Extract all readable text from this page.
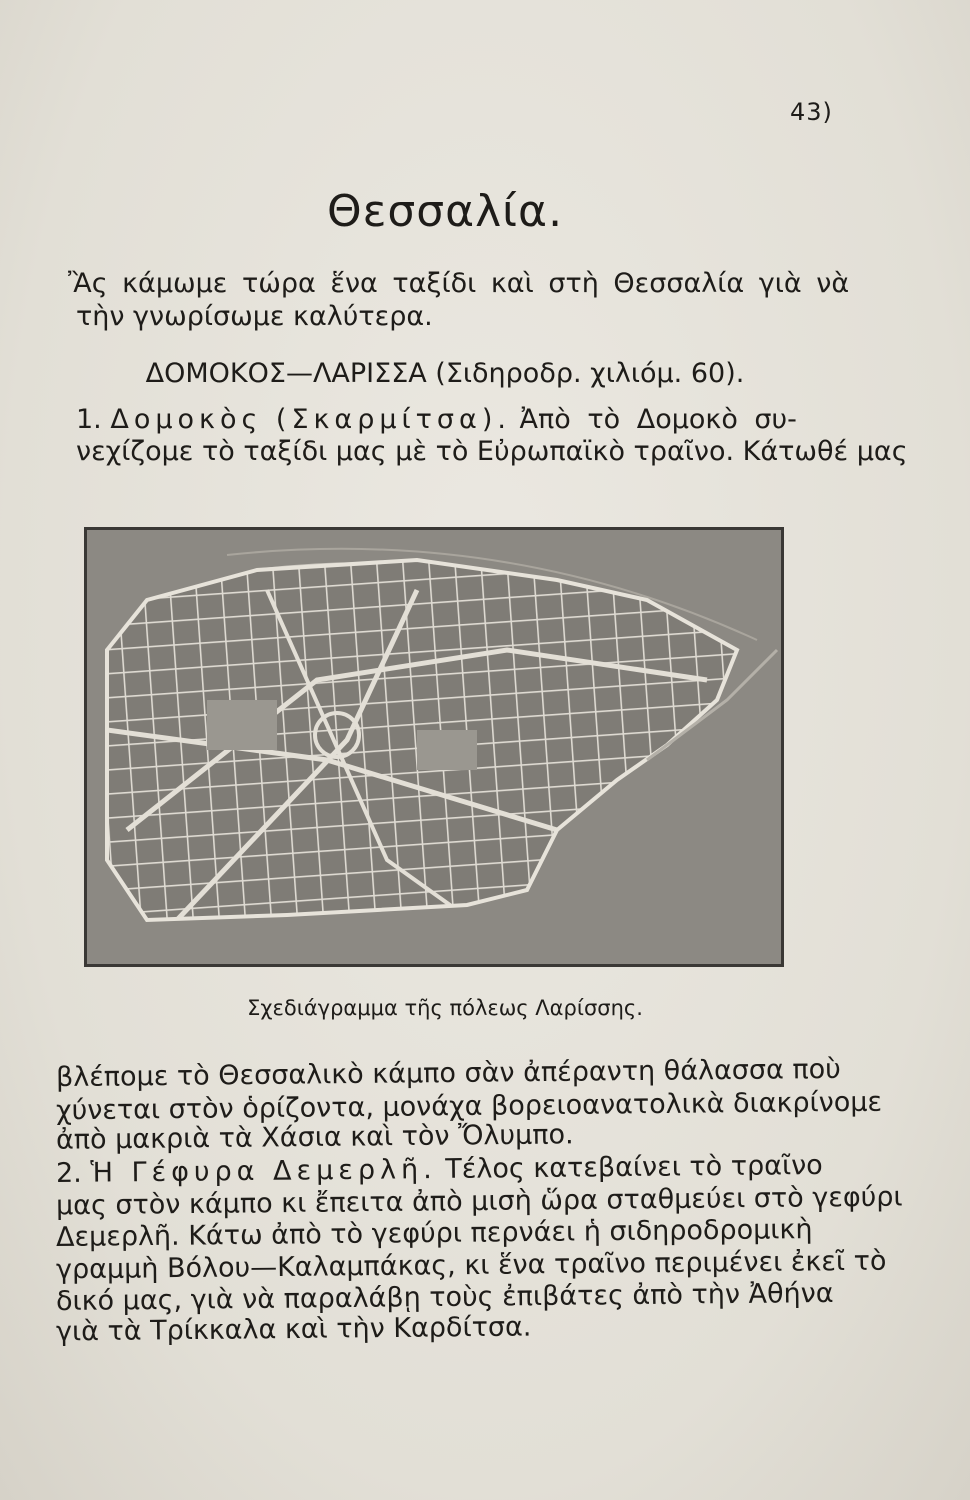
43)
Θεσσαλία.
Ἂς κάμωμε τώρα ἕνα ταξίδι καὶ στὴ Θεσσαλία γιὰ νὰ
τὴν γνωρίσωμε καλύτερα.
ΔΟΜΟΚΟΣ—ΛΑΡΙΣΣΑ (Σιδηροδρ. χιλιόμ. 60).
1. Δομοκὸς (Σκαρμίτσα). Ἀπὸ τὸ Δομοκὸ συ-
νεχίζομε τὸ ταξίδι μας μὲ τὸ Εὐρωπαϊκὸ τραῖνο. Κάτωθέ μας
Σχεδιάγραμμα τῆς πόλεως Λαρίσσης.
βλέπομε τὸ Θεσσαλικὸ κάμπο σὰν ἀπέραντη θάλασσα ποὺ
χύνεται στὸν ὁρίζοντα, μονάχα βορειοανατολικὰ διακρίνομε
ἀπὸ μακριὰ τὰ Χάσια καὶ τὸν Ὄλυμπο.
2. Ἡ Γέφυρα Δεμερλῆ. Τέλος κατεβαίνει τὸ τραῖνο
μας στὸν κάμπο κι ἔπειτα ἀπὸ μισὴ ὥρα σταθμεύει στὸ γεφύρι
Δεμερλῆ. Κάτω ἀπὸ τὸ γεφύρι περνάει ἡ σιδηροδρομικὴ
γραμμὴ Βόλου—Καλαμπάκας, κι ἕνα τραῖνο περιμένει ἐκεῖ τὸ
δικό μας, γιὰ νὰ παραλάβῃ τοὺς ἐπιβάτες ἀπὸ τὴν Ἀθήνα
γιὰ τὰ Τρίκκαλα καὶ τὴν Καρδίτσα.
